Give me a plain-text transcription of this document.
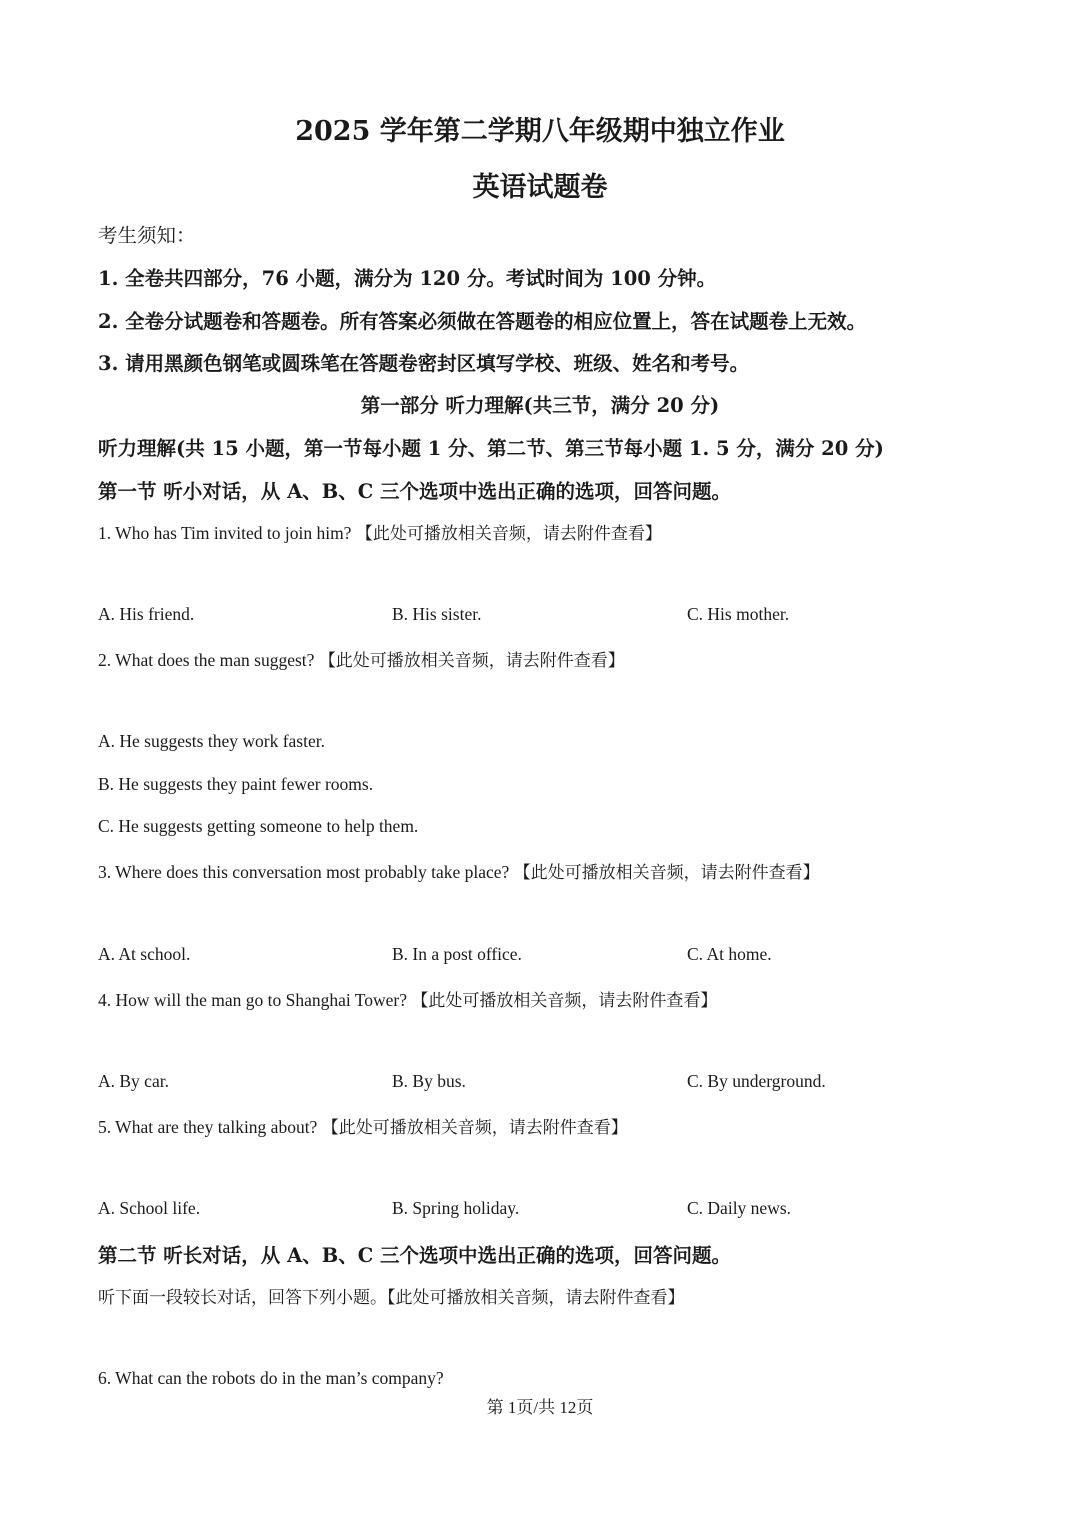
2025 学年第二学期八年级期中独立作业
英语试题卷
考生须知：
1. 全卷共四部分，76 小题，满分为 120 分。考试时间为 100 分钟。
2. 全卷分试题卷和答题卷。所有答案必须做在答题卷的相应位置上，答在试题卷上无效。
3. 请用黑颜色钢笔或圆珠笔在答题卷密封区填写学校、班级、姓名和考号。
第一部分 听力理解(共三节，满分 20 分)
听力理解(共 15 小题，第一节每小题 1 分、第二节、第三节每小题 1. 5 分，满分 20 分)
第一节 听小对话，从 A、B、C 三个选项中选出正确的选项，回答问题。
1. Who has Tim invited to join him? 【此处可播放相关音频，请去附件查看】
A. His friend.	B. His sister.	C. His mother.
2. What does the man suggest? 【此处可播放相关音频，请去附件查看】
A. He suggests they work faster.
B. He suggests they paint fewer rooms.
C. He suggests getting someone to help them.
3. Where does this conversation most probably take place? 【此处可播放相关音频，请去附件查看】
A. At school.	B. In a post office.	C. At home.
4. How will the man go to Shanghai Tower? 【此处可播放相关音频，请去附件查看】
A. By car.	B. By bus.	C. By underground.
5. What are they talking about? 【此处可播放相关音频，请去附件查看】
A. School life.	B. Spring holiday.	C. Daily news.
第二节 听长对话，从 A、B、C 三个选项中选出正确的选项，回答问题。
听下面一段较长对话，回答下列小题。【此处可播放相关音频，请去附件查看】
6. What can the robots do in the man’s company?
第 1页/共 12页
